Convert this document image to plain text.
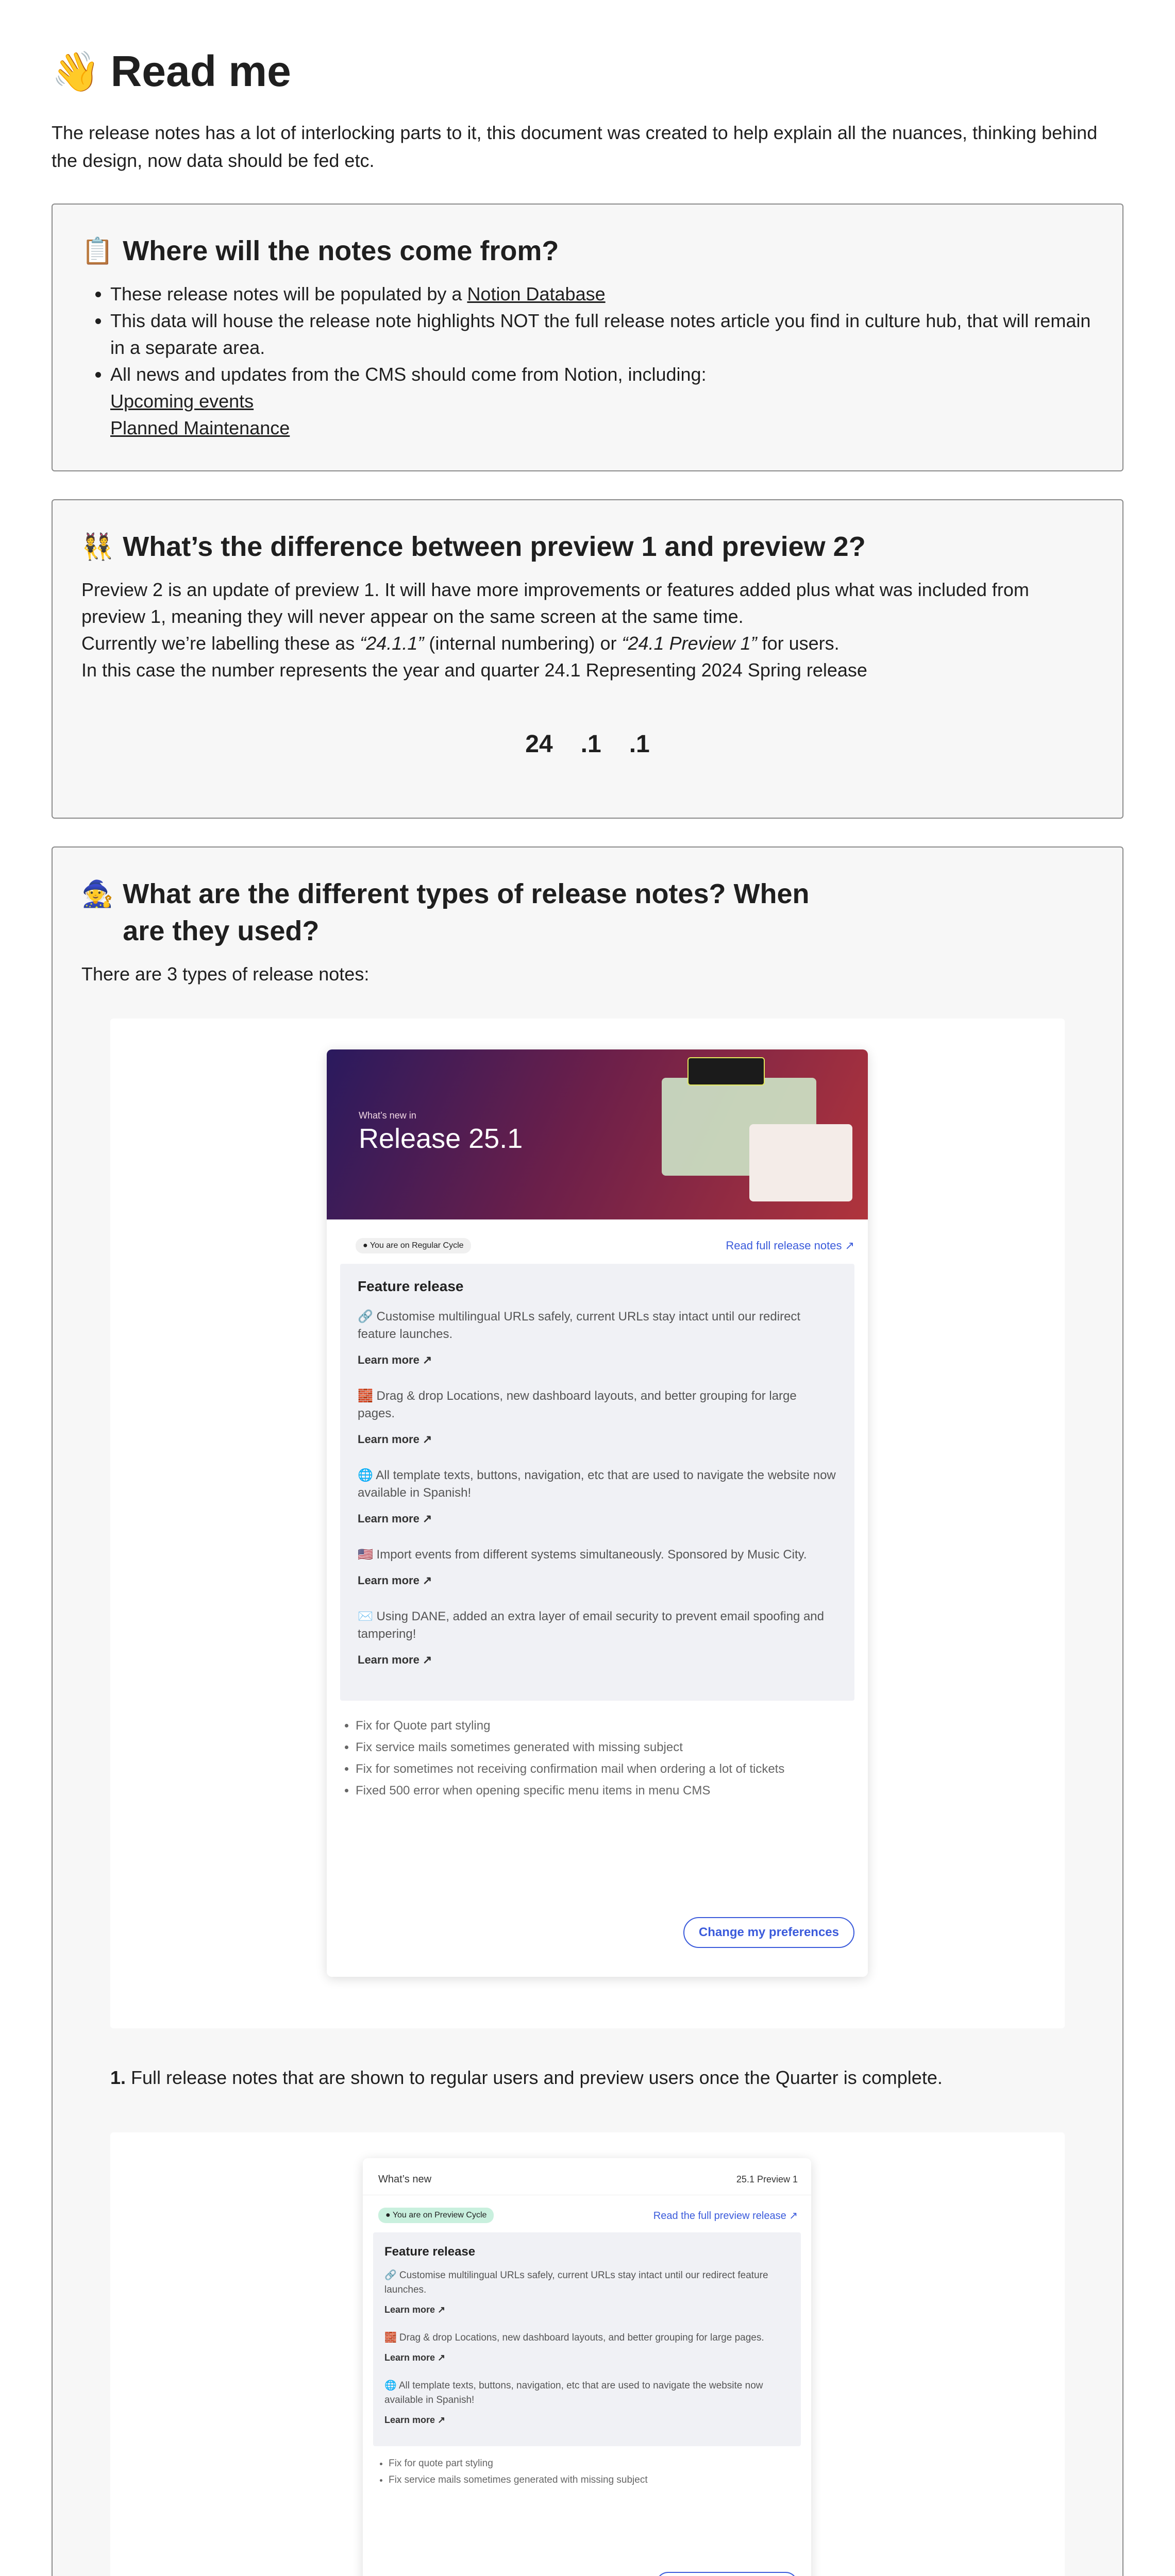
👋 Read me

The release notes has a lot of interlocking parts to it, this document was created to help explain all the nuances, thinking behind the design, now data should be fed etc.

📋 Where will the notes come from?
• These release notes will be populated by a Notion Database
• This data will house the release note highlights NOT the full release notes article you find in culture hub, that will remain in a separate area.
• All news and updates from the CMS should come from Notion, including:
Upcoming events
Planned Maintenance
👯 What’s the difference between preview 1 and preview 2?

Preview 2 is an update of preview 1. It will have more improvements or features added plus what was included from preview 1, meaning they will never appear on the same screen at the same time.

Currently we’re labelling these as “24.1.1” (internal numbering) or “24.1 Preview 1” for users.

In this case the number represents the year and quarter 24.1 Representing 2024 Spring release

24 .1 .1
🧙 What are the different types of release notes? When
are they used?

There are 3 types of release notes:

What’s new in
Release 25.1
● You are on Regular Cycle	Read full release notes ↗
Feature release
🔗 Customise multilingual URLs safely, current URLs stay intact until our redirect feature launches.
Learn more ↗
🧱 Drag & drop Locations, new dashboard layouts, and better grouping for large pages.
Learn more ↗
🌐 All template texts, buttons, navigation, etc that are used to navigate the website now available in Spanish!
Learn more ↗
🇺🇸 Import events from different systems simultaneously. Sponsored by Music City.
Learn more ↗
✉️ Using DANE, added an extra layer of email security to prevent email spoofing and tampering!
Learn more ↗
• Fix for Quote part styling
• Fix service mails sometimes generated with missing subject
• Fix for sometimes not receiving confirmation mail when ordering a lot of tickets
• Fixed 500 error when opening specific menu items in menu CMS
Change my preferences

1. Full release notes that are shown to regular users and preview users once the Quarter is complete.

What’s new	25.1 Preview 1
● You are on Preview Cycle	Read the full preview release ↗
Feature release
🔗 Customise multilingual URLs safely, current URLs stay intact until our redirect feature launches.
Learn more ↗
🧱 Drag & drop Locations, new dashboard layouts, and better grouping for large pages.
Learn more ↗
🌐 All template texts, buttons, navigation, etc that are used to navigate the website now available in Spanish!
Learn more ↗
• Fix for quote part styling
• Fix service mails sometimes generated with missing subject
